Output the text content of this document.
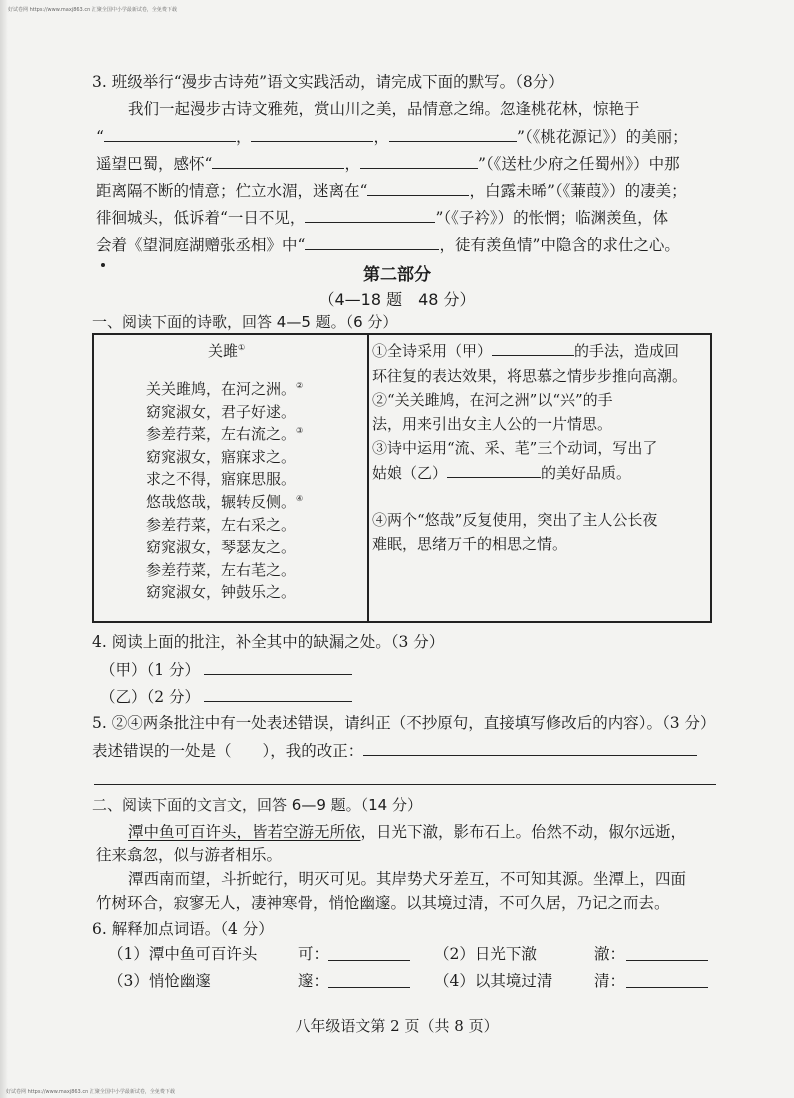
好试卷网 https://www.maxj863.cn 汇聚全国中小学最新试卷，全免费下载
3. 班级举行“漫步古诗苑”语文实践活动，请完成下面的默写。（8分）
我们一起漫步古诗文雅苑，赏山川之美，品情意之绵。忽逢桃花林，惊艳于
“	，	，	”（《桃花源记》）的美丽；
遥望巴蜀，感怀“	，	”（《送杜少府之任蜀州》）中那
距离隔不断的情意；伫立水湄，迷离在“	，白露未晞”（《蒹葭》）的凄美；
徘徊城头，低诉着“一日不见，	”（《子衿》）的怅惘；临渊羡鱼，体
会着《望洞庭湖赠张丞相》中“	，徒有羡鱼情”中隐含的求仕之心。
第二部分
（4—18 题　48 分）
一、阅读下面的诗歌，回答 4—5 题。（6 分）
关雎①
关关雎鸠，在河之洲。②
窈窕淑女，君子好逑。
参差荇菜，左右流之。③
窈窕淑女，寤寐求之。
求之不得，寤寐思服。
悠哉悠哉，辗转反侧。④
参差荇菜，左右采之。
窈窕淑女，琴瑟友之。
参差荇菜，左右芼之。
窈窕淑女，钟鼓乐之。
①全诗采用（甲）	的手法，造成回
环往复的表达效果，将思慕之情步步推向高潮。
②“关关雎鸠，在河之洲”以“兴”的手
法，用来引出女主人公的一片情思。
③诗中运用“流、采、芼”三个动词，写出了
姑娘（乙）	的美好品质。
④两个“悠哉”反复使用，突出了主人公长夜
难眠，思绪万千的相思之情。
4. 阅读上面的批注，补全其中的缺漏之处。（3 分）
（甲）（1 分）
（乙）（2 分）
5. ②④两条批注中有一处表述错误，请纠正（不抄原句，直接填写修改后的内容）。（3 分）
表述错误的一处是（　　），我的改正：
二、阅读下面的文言文，回答 6—9 题。（14 分）
潭中鱼可百许头，皆若空游无所依，日光下澈，影布石上。佁然不动，俶尔远逝，
往来翕忽，似与游者相乐。
潭西南而望，斗折蛇行，明灭可见。其岸势犬牙差互，不可知其源。坐潭上，四面
竹树环合，寂寥无人，凄神寒骨，悄怆幽邃。以其境过清，不可久居，乃记之而去。
6. 解释加点词语。（4 分）
（1）潭中鱼可百许头	可：	（2）日光下澈	澈：
（3）悄怆幽邃	邃：	（4）以其境过清	清：
八年级语文第 2 页（共 8 页）
好试卷网 https://www.maxj863.cn 汇聚全国中小学最新试卷，全免费下载
